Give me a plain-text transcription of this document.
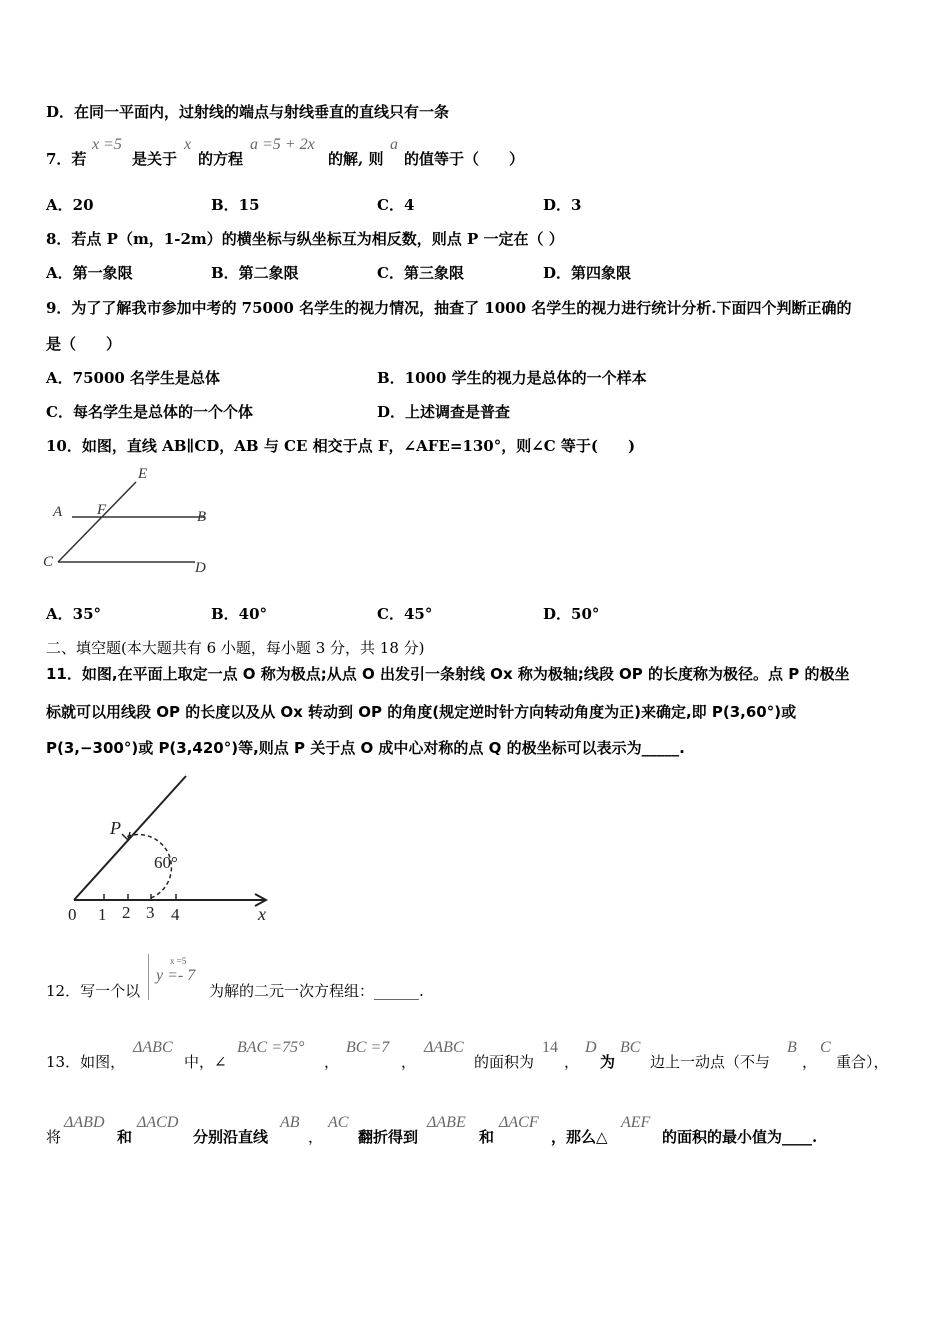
D．在同一平面内，过射线的端点与射线垂直的直线只有一条
7．若
x =5
是关于
x
的方程
a =5 + 2x
的解, 则
a
的值等于（　　）
A．20	B．15	C．4	D．3
8．若点 P（m，1-2m）的横坐标与纵坐标互为相反数，则点 P 一定在（ ）
A．第一象限	B．第二象限	C．第三象限	D．第四象限
9．为了了解我市参加中考的 75000 名学生的视力情况，抽查了 1000 名学生的视力进行统计分析.下面四个判断正确的
是（　　）
A．75000 名学生是总体	B．1000 学生的视力是总体的一个样本
C．每名学生是总体的一个个体	D．上述调查是普查
10．如图，直线 AB∥CD，AB 与 CE 相交于点 F，∠AFE=130°，则∠C 等于(　　)
E
A F	B
C	D
A．35°	B．40°	C．45°	D．50°
二、填空题(本大题共有 6 小题，每小题 3 分，共 18 分)
11．如图,在平面上取定一点 O 称为极点;从点 O 出发引一条射线 Ox 称为极轴;线段 OP 的长度称为极径。点 P 的极坐
标就可以用线段 OP 的长度以及从 Ox 转动到 OP 的角度(规定逆时针方向转动角度为正)来确定,即 P(3,60°)或
P(3,−300°)或 P(3,420°)等,则点 P 关于点 O 成中心对称的点 Q 的极坐标可以表示为_____.
P
60°
0 1 2 3 4	x
12．写一个以
x =5
y =- 7
为解的二元一次方程组：______.
13．如图，
ΔABC
中，∠
BAC =75°
，
BC =7
，
ΔABC
的面积为
14
，
D
为
BC
边上一动点（不与
B
，
C
重合），
将
ΔABD
和
ΔACD
分别沿直线
AB
，
AC
翻折得到
ΔABE
和
ΔACF
，那么△
AEF
的面积的最小值为____.
